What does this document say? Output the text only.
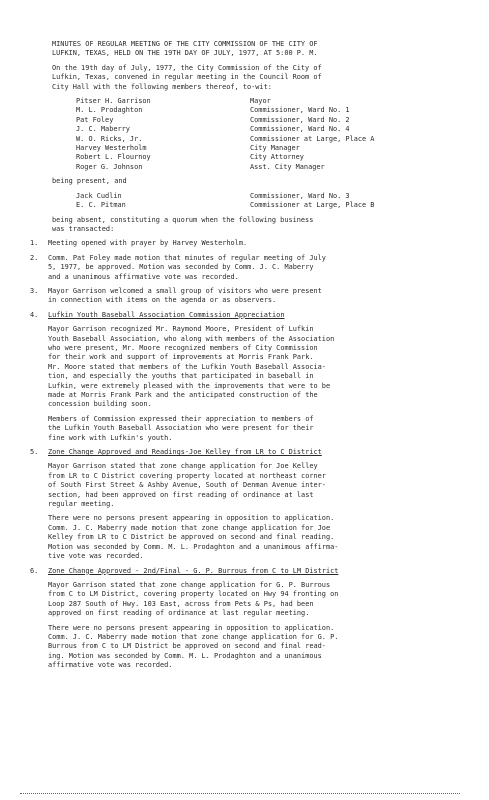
MINUTES OF REGULAR MEETING OF THE CITY COMMISSION OF THE CITY OF
LUFKIN, TEXAS, HELD ON THE 19TH DAY OF JULY, 1977, AT 5:00 P. M.
On the 19th day of July, 1977, the City Commission of the City of
Lufkin, Texas, convened in regular meeting in the Council Room of
City Hall with the following members thereof, to-wit:
Pitser H. Garrison	Mayor
M. L. Prodaghton	Commissioner, Ward No. 1
Pat Foley	Commissioner, Ward No. 2
J. C. Maberry	Commissioner, Ward No. 4
W. O. Ricks, Jr.	Commissioner at Large, Place A
Harvey Westerholm	City Manager
Robert L. Flournoy	City Attorney
Roger G. Johnson	Asst. City Manager
being present, and
Jack Cudlin	Commissioner, Ward No. 3
E. C. Pitman	Commissioner at Large, Place B
being absent, constituting a quorum when the following business
was transacted:
1.	Meeting opened with prayer by Harvey Westerholm.
2.	Comm. Pat Foley made motion that minutes of regular meeting of July
5, 1977, be approved. Motion was seconded by Comm. J. C. Maberry
and a unanimous affirmative vote was recorded.
3.	Mayor Garrison welcomed a small group of visitors who were present
in connection with items on the agenda or as observers.
4.	Lufkin Youth Baseball Association Commission Appreciation
Mayor Garrison recognized Mr. Raymond Moore, President of Lufkin
Youth Baseball Association, who along with members of the Association
who were present, Mr. Moore recognized members of City Commission
for their work and support of improvements at Morris Frank Park.
Mr. Moore stated that members of the Lufkin Youth Baseball Associa-
tion, and especially the youths that participated in baseball in
Lufkin, were extremely pleased with the improvements that were to be
made at Morris Frank Park and the anticipated construction of the
concession building soon.
Members of Commission expressed their appreciation to members of
the Lufkin Youth Baseball Association who were present for their
fine work with Lufkin's youth.
5.	Zone Change Approved and Readings-Joe Kelley from LR to C District
Mayor Garrison stated that zone change application for Joe Kelley
from LR to C District covering property located at northeast corner
of South First Street & Ashby Avenue, South of Denman Avenue inter-
section, had been approved on first reading of ordinance at last
regular meeting.
There were no persons present appearing in opposition to application.
Comm. J. C. Maberry made motion that zone change application for Joe
Kelley from LR to C District be approved on second and final reading.
Motion was seconded by Comm. M. L. Prodaghton and a unanimous affirma-
tive vote was recorded.
6.	Zone Change Approved - 2nd/Final - G. P. Burrous from C to LM District
Mayor Garrison stated that zone change application for G. P. Burrous
from C to LM District, covering property located on Hwy 94 fronting on
Loop 287 South of Hwy. 103 East, across from Pets & Ps, had been
approved on first reading of ordinance at last regular meeting.
There were no persons present appearing in opposition to application.
Comm. J. C. Maberry made motion that zone change application for G. P.
Burrous from C to LM District be approved on second and final read-
ing. Motion was seconded by Comm. M. L. Prodaghton and a unanimous
affirmative vote was recorded.
